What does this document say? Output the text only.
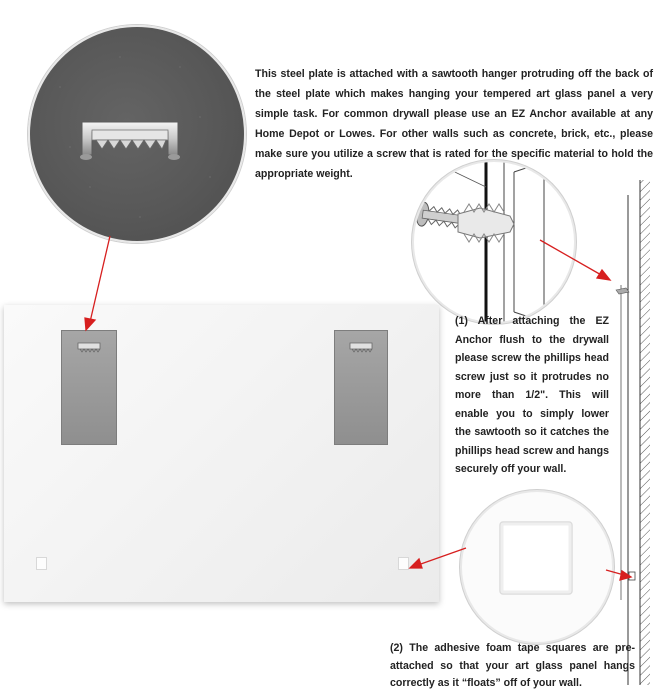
This steel plate is attached with a sawtooth hanger protruding off the back of the steel plate which makes hanging your tempered art glass panel a very simple task. For common drywall please use an EZ Anchor available at any Home Depot or Lowes. For other walls such as concrete, brick, etc., please make sure you utilize a screw that is rated for the specific material to hold the appropriate weight.

(1) After attaching the EZ Anchor flush to the drywall please screw the phillips head screw just so it protrudes no more than 1/2". This will enable you to simply lower the sawtooth so it catches the phillips head screw and hangs securely off your wall.

(2) The adhesive foam tape squares are pre-attached so that your art glass panel hangs correctly as it “floats” off of your wall.
